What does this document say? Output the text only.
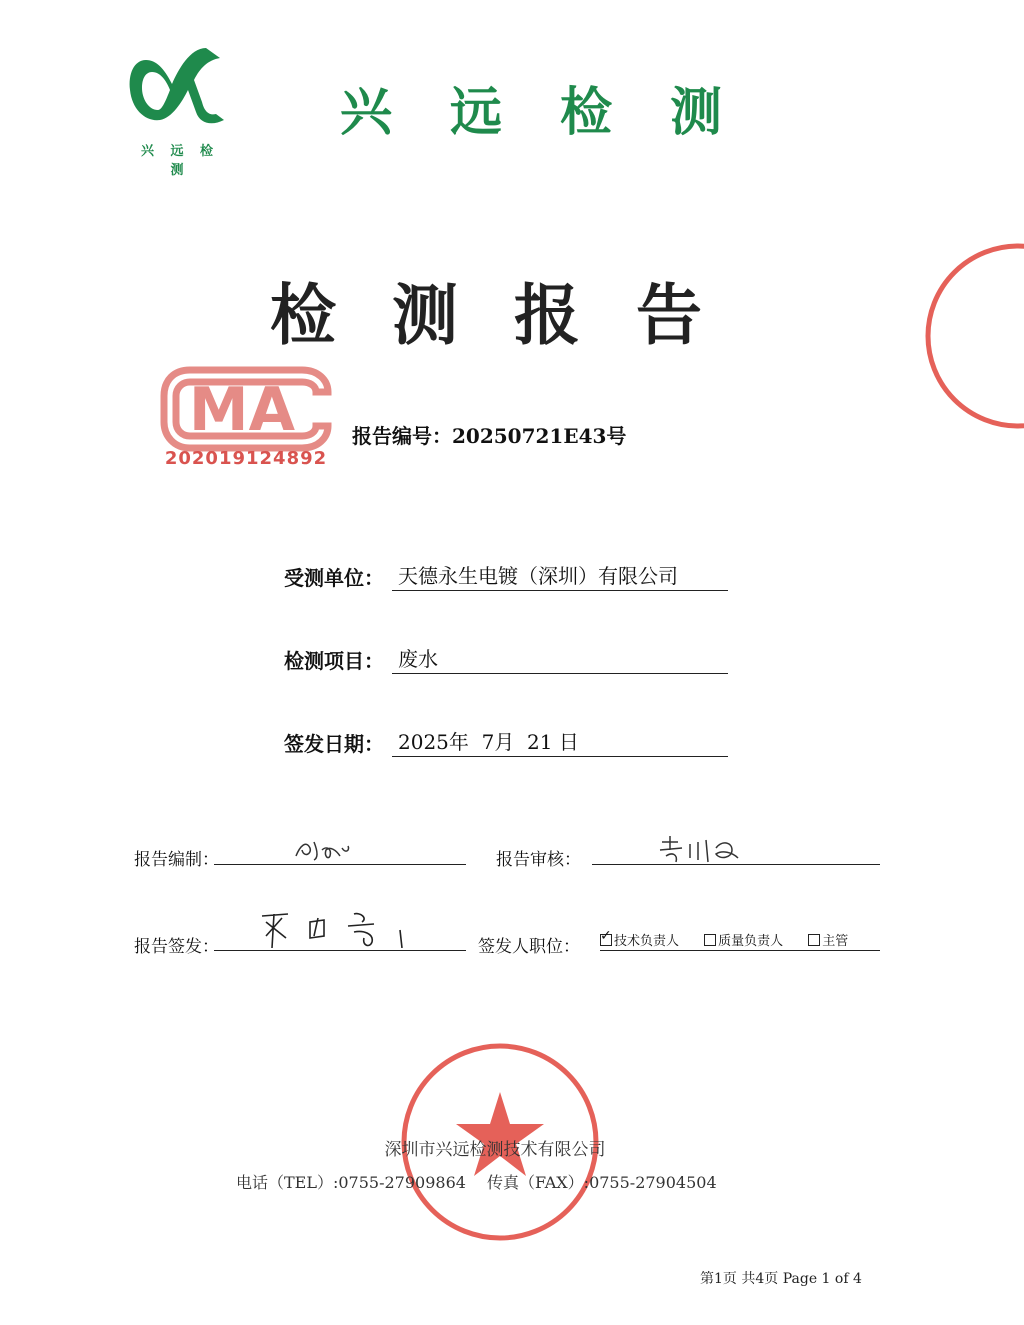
兴 远 检 测
兴远检测
检测报告
MA
202019124892
报告编号：20250721E43号
受测单位： 天德永生电镀（深圳）有限公司
检测项目： 废水
签发日期： 2025年  7月  21 日
报告编制：	报告审核：
报告签发：	签发人职位：
✓ 技术负责人	质量负责人	主管
深圳市兴远检测技术有限公司
电话（TEL）:0755-27909864　 传真（FAX）:0755-27904504
第1页 共4页 Page 1 of 4
